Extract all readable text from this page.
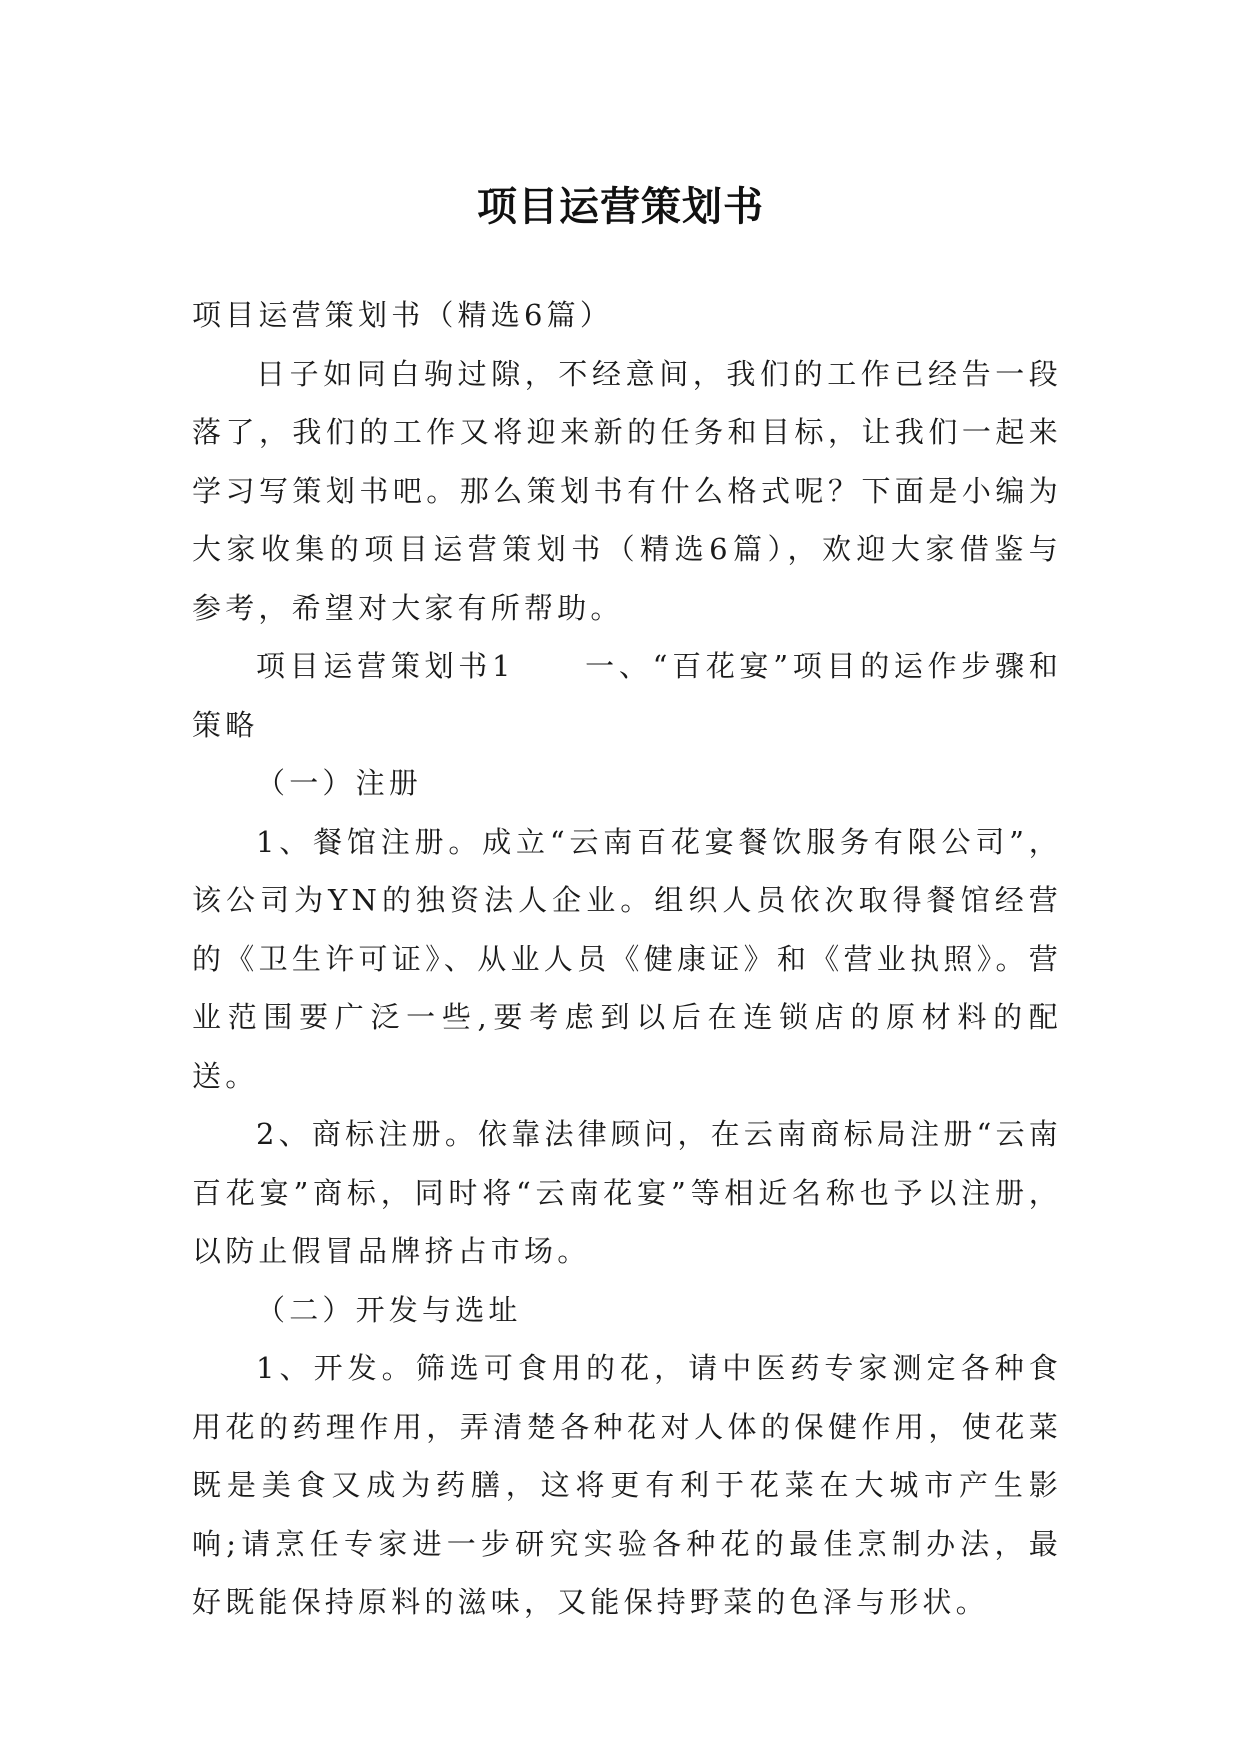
项目运营策划书

项目运营策划书（精选6篇）

日子如同白驹过隙，不经意间，我们的工作已经告一段落了，我们的工作又将迎来新的任务和目标，让我们一起来学习写策划书吧。那么策划书有什么格式呢？下面是小编为大家收集的项目运营策划书（精选6篇），欢迎大家借鉴与参考，希望对大家有所帮助。

项目运营策划书1 一、“百花宴”项目的运作步骤和策略

（一）注册

1、餐馆注册。成立“云南百花宴餐饮服务有限公司”，该公司为YN的独资法人企业。组织人员依次取得餐馆经营的《卫生许可证》、从业人员《健康证》和《营业执照》。营业范围要广泛一些,要考虑到以后在连锁店的原材料的配送。

2、商标注册。依靠法律顾问，在云南商标局注册“云南百花宴”商标，同时将“云南花宴”等相近名称也予以注册，以防止假冒品牌挤占市场。

（二）开发与选址

1、开发。筛选可食用的花，请中医药专家测定各种食用花的药理作用，弄清楚各种花对人体的保健作用，使花菜既是美食又成为药膳，这将更有利于花菜在大城市产生影响;请烹任专家进一步研究实验各种花的最佳烹制办法，最好既能保持原料的滋味，又能保持野菜的色泽与形状。
